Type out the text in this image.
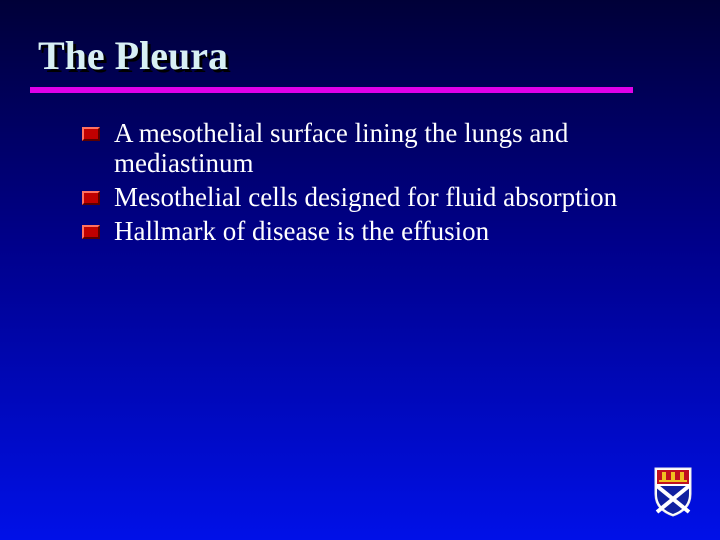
The Pleura
A mesothelial surface lining the lungs and mediastinum
Mesothelial cells designed for fluid absorption
Hallmark of disease is the effusion
